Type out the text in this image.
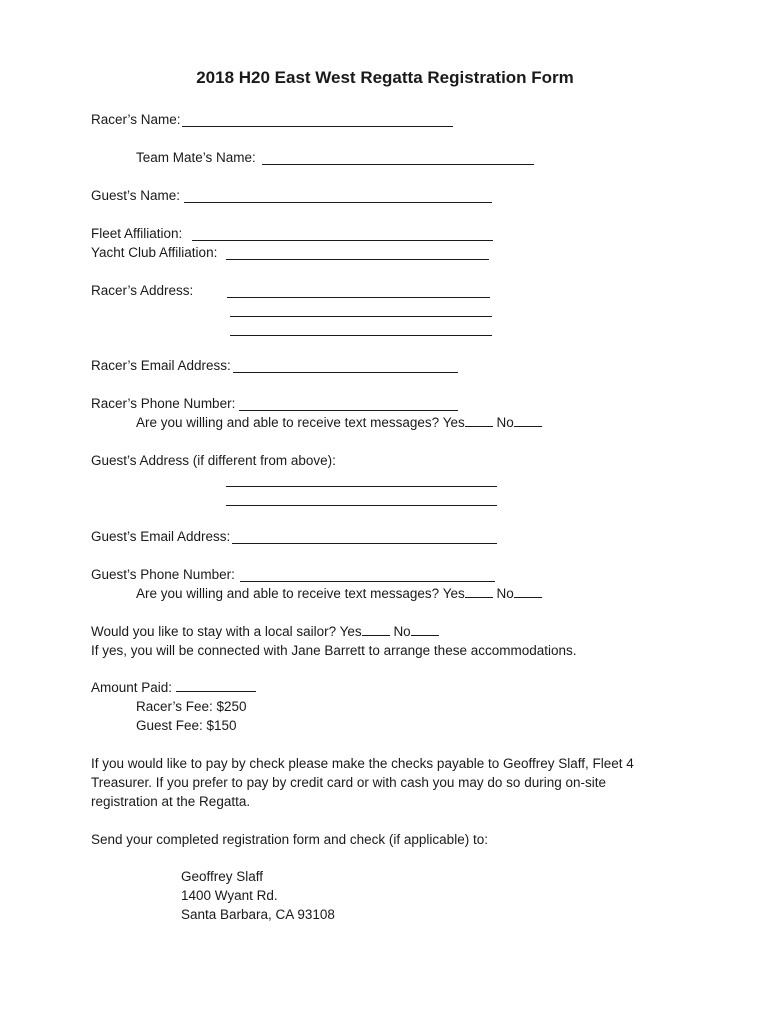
2018 H20 East West Regatta Registration Form
Racer’s Name:
Team Mate’s Name:
Guest’s Name:
Fleet Affiliation:
Yacht Club Affiliation:
Racer’s Address:
Racer’s Email Address:
Racer’s Phone Number:
Are you willing and able to receive text messages? Yes No
Guest’s Address (if different from above):
Guest’s Email Address:
Guest’s Phone Number:
Are you willing and able to receive text messages? Yes No
Would you like to stay with a local sailor? Yes No
If yes, you will be connected with Jane Barrett to arrange these accommodations.
Amount Paid:
Racer’s Fee: $250
Guest Fee: $150
If you would like to pay by check please make the checks payable to Geoffrey Slaff, Fleet 4
Treasurer. If you prefer to pay by credit card or with cash you may do so during on-site
registration at the Regatta.
Send your completed registration form and check (if applicable) to:
Geoffrey Slaff
1400 Wyant Rd.
Santa Barbara, CA 93108
